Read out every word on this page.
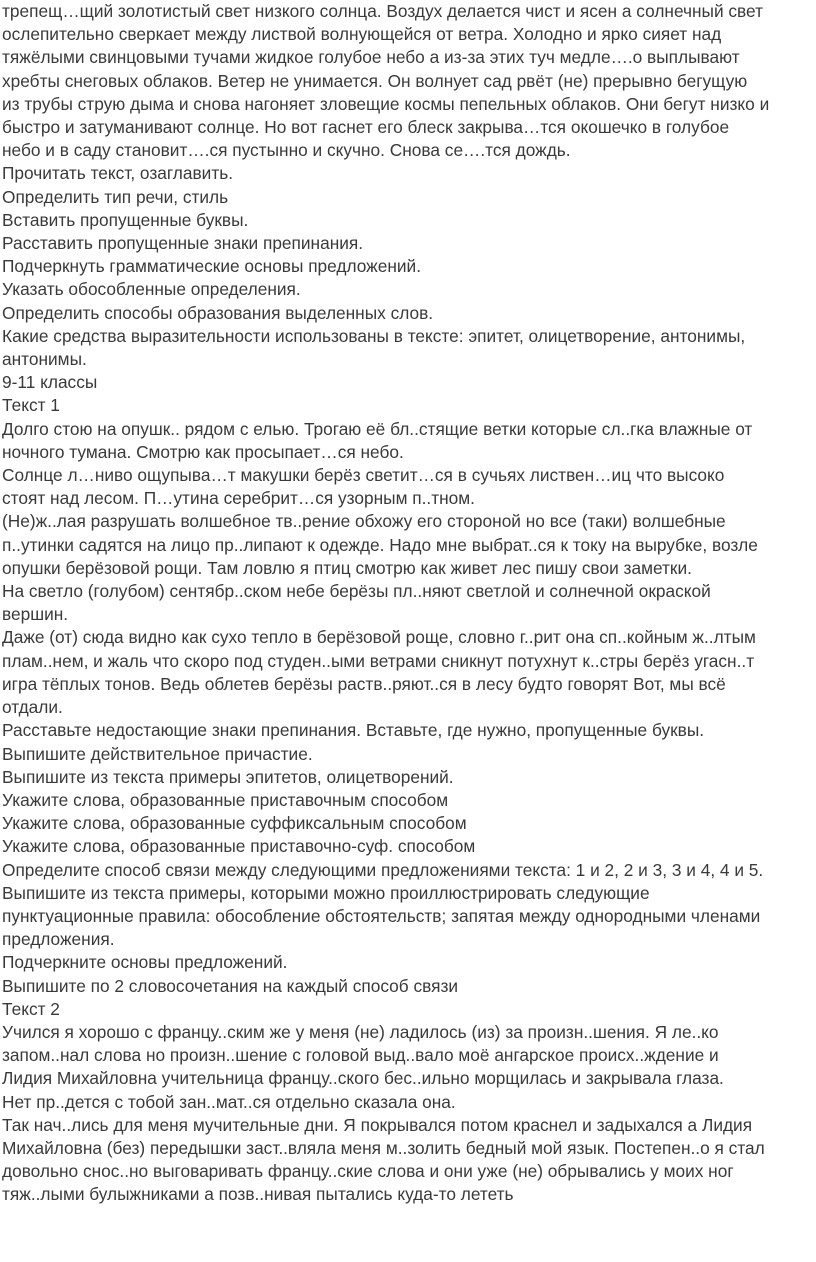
трепещ…щий золотистый свет низкого солнца. Воздух делается чист и ясен а солнечный свет
ослепительно сверкает между листвой волнующейся от ветра. Холодно и ярко сияет над
тяжёлыми свинцовыми тучами жидкое голубое небо а из-за этих туч медле….о выплывают
хребты снеговых облаков. Ветер не унимается. Он волнует сад рвёт (не) прерывно бегущую
из трубы струю дыма и снова нагоняет зловещие космы пепельных облаков. Они бегут низко и
быстро и затуманивают солнце. Но вот гаснет его блеск закрыва…тся окошечко в голубое
небо и в саду становит….ся пустынно и скучно. Снова се….тся дождь.
Прочитать текст, озаглавить.
Определить тип речи, стиль
Вставить пропущенные буквы.
Расставить пропущенные знаки препинания.
Подчеркнуть грамматические основы предложений.
Указать обособленные определения.
Определить способы образования выделенных слов.
Какие средства выразительности использованы в тексте: эпитет, олицетворение, антонимы,
антонимы.
9-11 классы
Текст 1
Долго стою на опушк.. рядом с елью. Трогаю её бл..стящие ветки которые сл..гка влажные от
ночного тумана. Смотрю как просыпает…ся небо.
Солнце л…ниво ощупыва…т макушки берёз светит…ся в сучьях листвен…иц что высоко
стоят над лесом. П…утина серебрит…ся узорным п..тном.
(Не)ж..лая разрушать волшебное тв..рение обхожу его стороной но все (таки) волшебные
п..утинки садятся на лицо пр..липают к одежде. Надо мне выбрат..ся к току на вырубке, возле
опушки берёзовой рощи. Там ловлю я птиц смотрю как живет лес пишу свои заметки.
На светло (голубом) сентябр..ском небе берёзы пл..няют светлой и солнечной окраской
вершин.
Даже (от) сюда видно как сухо тепло в берёзовой роще, словно г..рит она сп..койным ж..лтым
плам..нем, и жаль что скоро под студен..ыми ветрами сникнут потухнут к..стры берёз угасн..т
игра тёплых тонов. Ведь облетев берёзы раств..ряют..ся в лесу будто говорят Вот, мы всё
отдали.
Расставьте недостающие знаки препинания. Вставьте, где нужно, пропущенные буквы.
Выпишите действительное причастие.
Выпишите из текста примеры эпитетов, олицетворений.
Укажите слова, образованные приставочным способом
Укажите слова, образованные суффиксальным способом
Укажите слова, образованные приставочно-суф. способом
Определите способ связи между следующими предложениями текста: 1 и 2, 2 и 3, 3 и 4, 4 и 5.
Выпишите из текста примеры, которыми можно проиллюстрировать следующие
пунктуационные правила: обособление обстоятельств; запятая между однородными членами
предложения.
Подчеркните основы предложений.
Выпишите по 2 словосочетания на каждый способ связи
Текст 2
Учился я хорошо с францу..ским же у меня (не) ладилось (из) за произн..шения. Я ле..ко
запом..нал слова но произн..шение с головой выд..вало моё ангарское происх..ждение и
Лидия Михайловна учительница францу..ского бес..ильно морщилась и закрывала глаза.
Нет пр..дется с тобой зан..мат..ся отдельно сказала она.
Так нач..лись для меня мучительные дни. Я покрывался потом краснел и задыхался а Лидия
Михайловна (без) передышки заст..вляла меня м..золить бедный мой язык. Постепен..о я стал
довольно снос..но выговаривать францу..ские слова и они уже (не) обрывались у моих ног
тяж..лыми булыжниками а позв..нивая пытались куда-то лететь
